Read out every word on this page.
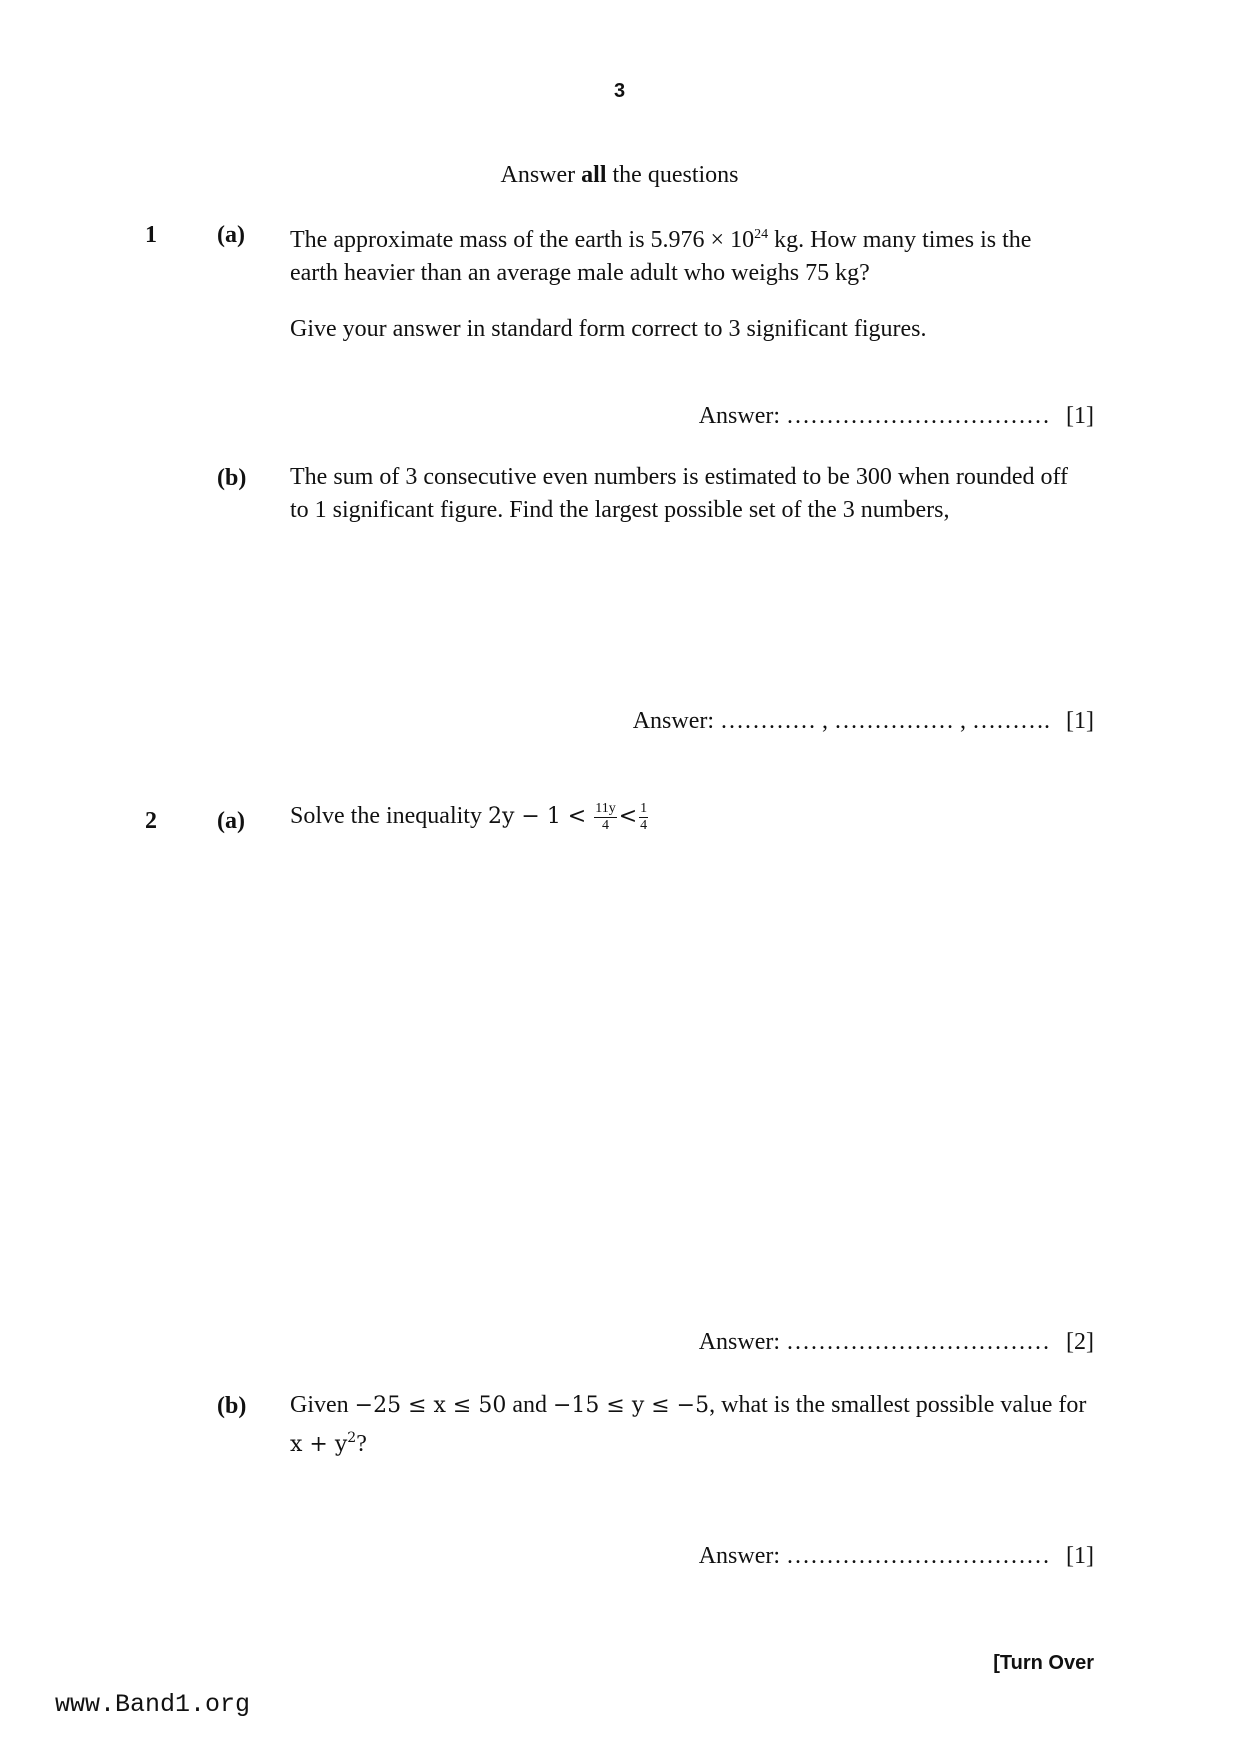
3
Answer all the questions
1	(a) The approximate mass of the earth is $5.976 \times 10^{24}$ kg. How many times is the
earth heavier than an average male adult who weighs 75 kg?
Give your answer in standard form correct to 3 significant figures.
Answer: …………………………… [1]
(b) The sum of 3 consecutive even numbers is estimated to be 300 when rounded off
to 1 significant figure. Find the largest possible set of the 3 numbers,
Answer: ………… , …………… , ………. [1]
2	(a) Solve the inequality $2y - 1 < \frac{11y}{4} < \frac{1}{4}$
Answer: …………………………… [2]
(b) Given −25 ≤ x ≤ 50 and −15 ≤ y ≤ −5, what is the smallest possible value for
$x + y^2$?
Answer: …………………………… [1]
[Turn Over
www.Band1.org
